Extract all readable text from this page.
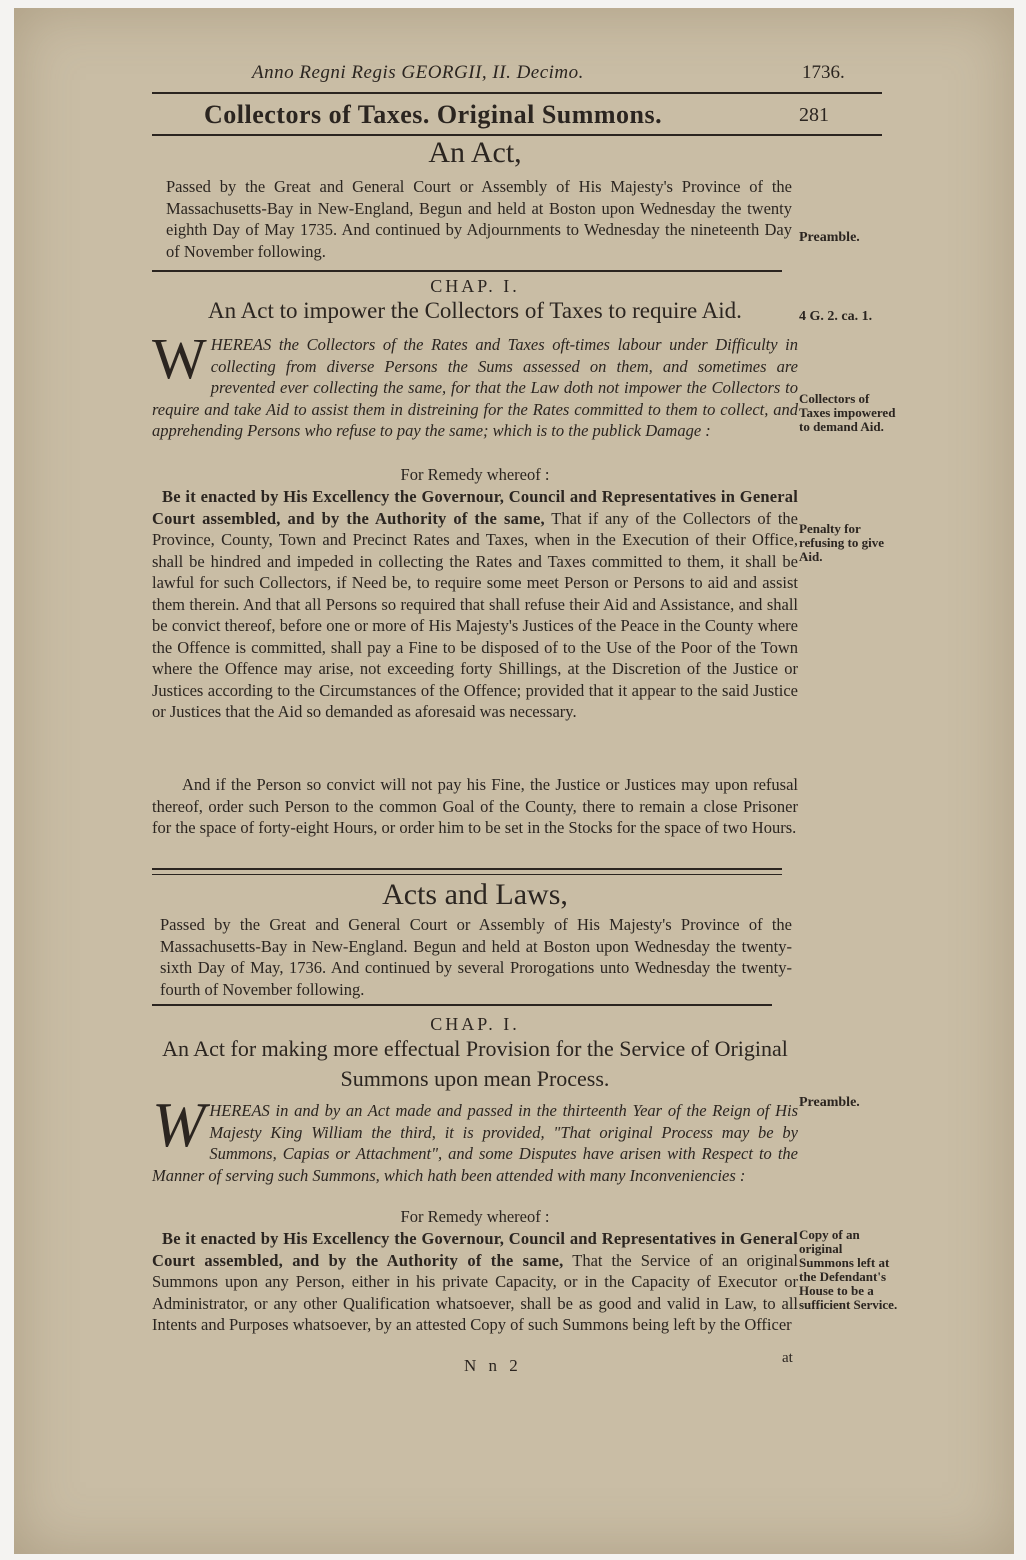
Anno Regni Regis GEORGII, II. Decimo.	1736.
Collectors of Taxes. Original Summons.	281
An Act,

Passed by the Great and General Court or Assembly of His Majesty's Province of the Massachusetts-Bay in New-England, Begun and held at Boston upon Wednesday the twenty eighth Day of May 1735. And continued by Adjournments to Wednesday the nineteenth Day of November following.

Preamble.
CHAP. I.
An Act to impower the Collectors of Taxes to require Aid.	4 G. 2. ca. 1.
WHEREAS the Collectors of the Rates and Taxes oft-times labour under Difficulty in collecting from diverse Persons the Sums assessed on them, and sometimes are prevented ever collecting the same, for that the Law doth not impower the Collectors to require and take Aid to assist them in distreining for the Rates committed to them to collect, and apprehending Persons who refuse to pay the same; which is to the publick Damage :
Collectors of Taxes impowered to demand Aid.
For Remedy whereof :
Be it enacted by His Excellency the Governour, Council and Representatives in General Court assembled, and by the Authority of the same, That if any of the Collectors of the Province, County, Town and Precinct Rates and Taxes, when in the Execution of their Office, shall be hindred and impeded in collecting the Rates and Taxes committed to them, it shall be lawful for such Collectors, if Need be, to require some meet Person or Persons to aid and assist them therein. And that all Persons so required that shall refuse their Aid and Assistance, and shall be convict thereof, before one or more of His Majesty's Justices of the Peace in the County where the Offence is committed, shall pay a Fine to be disposed of to the Use of the Poor of the Town where the Offence may arise, not exceeding forty Shillings, at the Discretion of the Justice or Justices according to the Circumstances of the Offence; provided that it appear to the said Justice or Justices that the Aid so demanded as aforesaid was necessary.
Penalty for refusing to give Aid.

And if the Person so convict will not pay his Fine, the Justice or Justices may upon refusal thereof, order such Person to the common Goal of the County, there to remain a close Prisoner for the space of forty-eight Hours, or order him to be set in the Stocks for the space of two Hours.

Acts and Laws,

Passed by the Great and General Court or Assembly of His Majesty's Province of the Massachusetts-Bay in New-England. Begun and held at Boston upon Wednesday the twenty-sixth Day of May, 1736. And continued by several Prorogations unto Wednesday the twenty-fourth of November following.

CHAP. I.
An Act for making more effectual Provision for the Service of Original Summons upon mean Process.
WHEREAS in and by an Act made and passed in the thirteenth Year of the Reign of His Majesty King William the third, it is provided, "That original Process may be by Summons, Capias or Attachment", and some Disputes have arisen with Respect to the Manner of serving such Summons, which hath been attended with many Inconveniencies :
Preamble.
For Remedy whereof :
Be it enacted by His Excellency the Governour, Council and Representatives in General Court assembled, and by the Authority of the same, That the Service of an original Summons upon any Person, either in his private Capacity, or in the Capacity of Executor or Administrator, or any other Qualification whatsoever, shall be as good and valid in Law, to all Intents and Purposes whatsoever, by an attested Copy of such Summons being left by the Officer
Copy of an original Summons left at the Defendant's House to be a sufficient Service.
at
N n 2
